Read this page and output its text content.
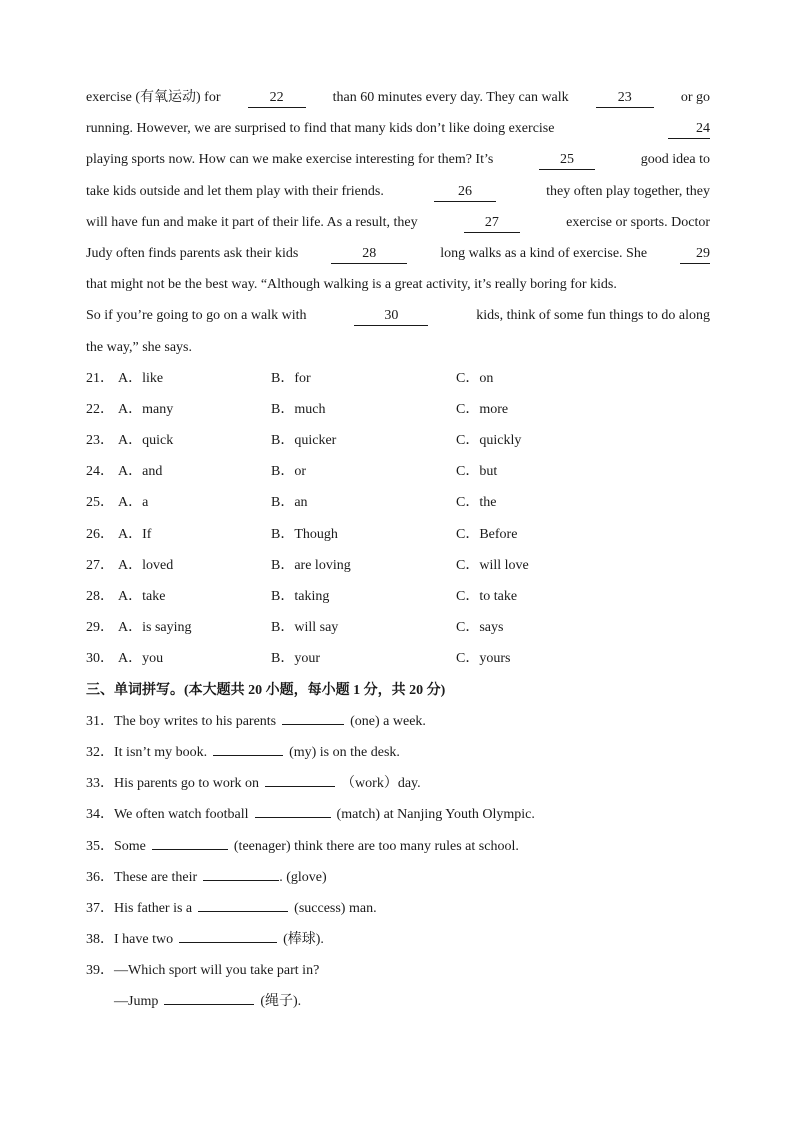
exercise (有氧运动) for	22	than 60 minutes every day. They can walk	23	or go
running. However, we are surprised to find that many kids don’t like doing exercise	24
playing sports now. How can we make exercise interesting for them? It’s	25	good idea to
take kids outside and let them play with their friends.	26	they often play together, they
will have fun and make it part of their life. As a result, they	27	exercise or sports. Doctor
Judy often finds parents ask their kids	28	long walks as a kind of exercise. She	29
that might not be the best way. “Although walking is a great activity, it’s really boring for kids.
So if you’re going to go on a walk with	30	kids, think of some fun things to do along
the way,” she says.
21． A．like	B．for	C．on
22． A．many	B．much	C．more
23． A．quick	B．quicker	C．quickly
24． A．and	B．or	C．but
25． A．a	B．an	C．the
26． A．If	B．Though	C．Before
27． A．loved	B．are loving	C．will love
28． A．take	B．taking	C．to take
29． A．is saying	B．will say	C．says
30． A．you	B．your	C．yours
三、单词拼写。(本大题共 20 小题，每小题 1 分，共 20 分)
31．The boy writes to his parents	(one) a week.
32．It isn’t my book.	(my) is on the desk.
33．His parents go to work on	（work）day.
34．We often watch football	(match) at Nanjing Youth Olympic.
35．Some	(teenager) think there are too many rules at school.
36．These are their	. (glove)
37．His father is a	(success) man.
38．I have two	(棒球).
39．—Which sport will you take part in?
—Jump	(绳子).
